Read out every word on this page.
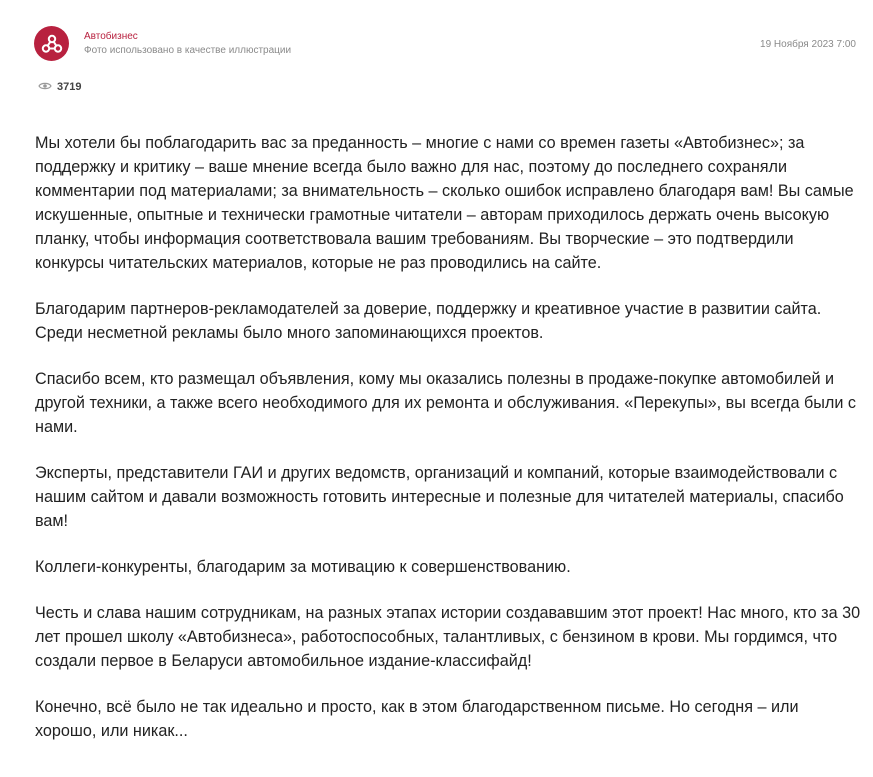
Автобизнес
Фото использовано в качестве иллюстрации
19 Ноября 2023 7:00
3719

Мы хотели бы поблагодарить вас за преданность – многие с нами со времен газеты «Автобизнес»; за поддержку и критику – ваше мнение всегда было важно для нас, поэтому до последнего сохраняли комментарии под материалами; за внимательность – сколько ошибок исправлено благодаря вам! Вы самые искушенные, опытные и технически грамотные читатели – авторам приходилось держать очень высокую планку, чтобы информация соответствовала вашим требованиям. Вы творческие – это подтвердили конкурсы читательских материалов, которые не раз проводились на сайте.

Благодарим партнеров-рекламодателей за доверие, поддержку и креативное участие в развитии сайта. Среди несметной рекламы было много запоминающихся проектов.

Спасибо всем, кто размещал объявления, кому мы оказались полезны в продаже-покупке автомобилей и другой техники, а также всего необходимого для их ремонта и обслуживания. «Перекупы», вы всегда были с нами.

Эксперты, представители ГАИ и других ведомств, организаций и компаний, которые взаимодействовали с нашим сайтом и давали возможность готовить интересные и полезные для читателей материалы, спасибо вам!

Коллеги-конкуренты, благодарим за мотивацию к совершенствованию.

Честь и слава нашим сотрудникам, на разных этапах истории создававшим этот проект! Нас много, кто за 30 лет прошел школу «Автобизнеса», работоспособных, талантливых, с бензином в крови. Мы гордимся, что создали первое в Беларуси автомобильное издание-классифайд!

Конечно, всё было не так идеально и просто, как в этом благодарственном письме. Но сегодня – или хорошо, или никак...
